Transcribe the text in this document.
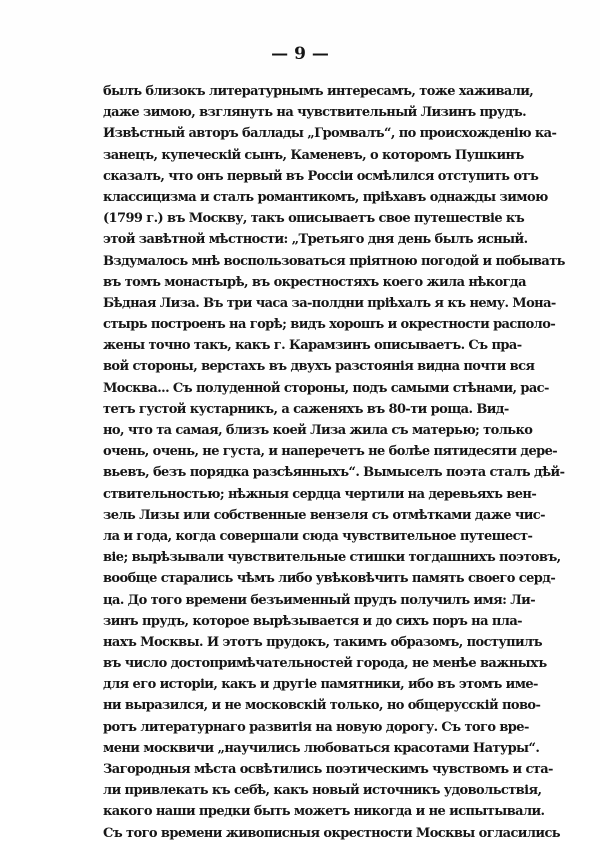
— 9 —
былъ близокъ литературнымъ интересамъ, тоже хаживали,
даже зимою, взглянуть на чувствительный Лизинъ прудъ.
Извѣстный авторъ баллады „Громвалъ“, по происхожденію ка-
занецъ, купеческій сынъ, Каменевъ, о которомъ Пушкинъ
сказалъ, что онъ первый въ Россіи осмѣлился отступить отъ
классицизма и сталъ романтикомъ, пріѣхавъ однажды зимою
(1799 г.) въ Москву, такъ описываетъ свое путешествіе къ
этой завѣтной мѣстности: „Третьяго дня день былъ ясный.
Вздумалось мнѣ воспользоваться пріятною погодой и побывать
въ томъ монастырѣ, въ окрестностяхъ коего жила нѣкогда
Бѣдная Лиза. Въ три часа за-полдни пріѣхалъ я къ нему. Мона-
стырь построенъ на горѣ; видъ хорошъ и окрестности располо-
жены точно такъ, какъ г. Карамзинъ описываетъ. Съ пра-
вой стороны, верстахъ въ двухъ разстоянія видна почти вся
Москва... Съ полуденной стороны, подъ самыми стѣнами, рас-
тетъ густой кустарникъ, а саженяхъ въ 80-ти роща. Вид-
но, что та самая, близъ коей Лиза жила съ матерью; только
очень, очень, не густа, и наперечетъ не болѣе пятидесяти дере-
вьевъ, безъ порядка разсѣянныхъ“. Вымыселъ поэта сталъ дѣй-
ствительностью; нѣжныя сердца чертили на деревьяхъ вен-
зель Лизы или собственные вензеля съ отмѣтками даже чис-
ла и года, когда совершали сюда чувствительное путешест-
віе; вырѣзывали чувствительные стишки тогдашнихъ поэтовъ,
вообще старались чѣмъ либо увѣковѣчить память своего серд-
ца. До того времени безъименный прудъ получилъ имя: Ли-
зинъ прудъ, которое вырѣзывается и до сихъ поръ на пла-
нахъ Москвы. И этотъ прудокъ, такимъ образомъ, поступилъ
въ число достопримѣчательностей города, не менѣе важныхъ
для его исторіи, какъ и другіе памятники, ибо въ этомъ име-
ни выразился, и не московскій только, но общерусскій пово-
ротъ литературнаго развитія на новую дорогу. Съ того вре-
мени москвичи „научились любоваться красотами Натуры“.
Загородныя мѣста освѣтились поэтическимъ чувствомъ и ста-
ли привлекать къ себѣ, какъ новый источникъ удовольствія,
какого наши предки быть можетъ никогда и не испытывали.
Съ того времени живописныя окрестности Москвы огласились
